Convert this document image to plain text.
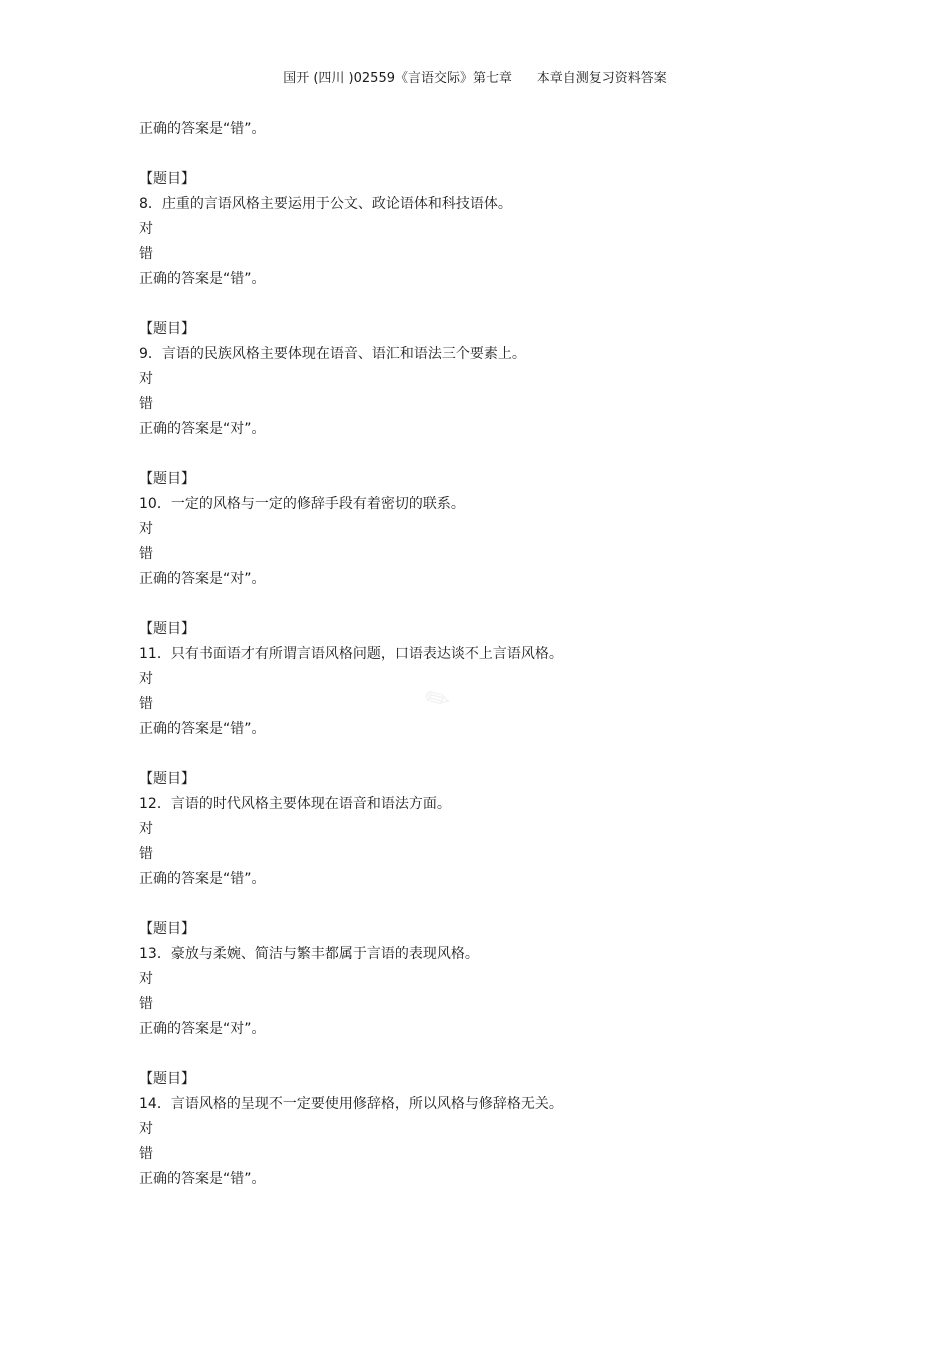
国开 (四川 )02559《言语交际》第七章      本章自测复习资料答案
✎
正确的答案是“错”。
【题目】
8．庄重的言语风格主要运用于公文、政论语体和科技语体。
对
错
正确的答案是“错”。
【题目】
9．言语的民族风格主要体现在语音、语汇和语法三个要素上。
对
错
正确的答案是“对”。
【题目】
10．一定的风格与一定的修辞手段有着密切的联系。
对
错
正确的答案是“对”。
【题目】
11．只有书面语才有所谓言语风格问题，口语表达谈不上言语风格。
对
错
正确的答案是“错”。
【题目】
12．言语的时代风格主要体现在语音和语法方面。
对
错
正确的答案是“错”。
【题目】
13．豪放与柔婉、简洁与繁丰都属于言语的表现风格。
对
错
正确的答案是“对”。
【题目】
14．言语风格的呈现不一定要使用修辞格，所以风格与修辞格无关。
对
错
正确的答案是“错”。
